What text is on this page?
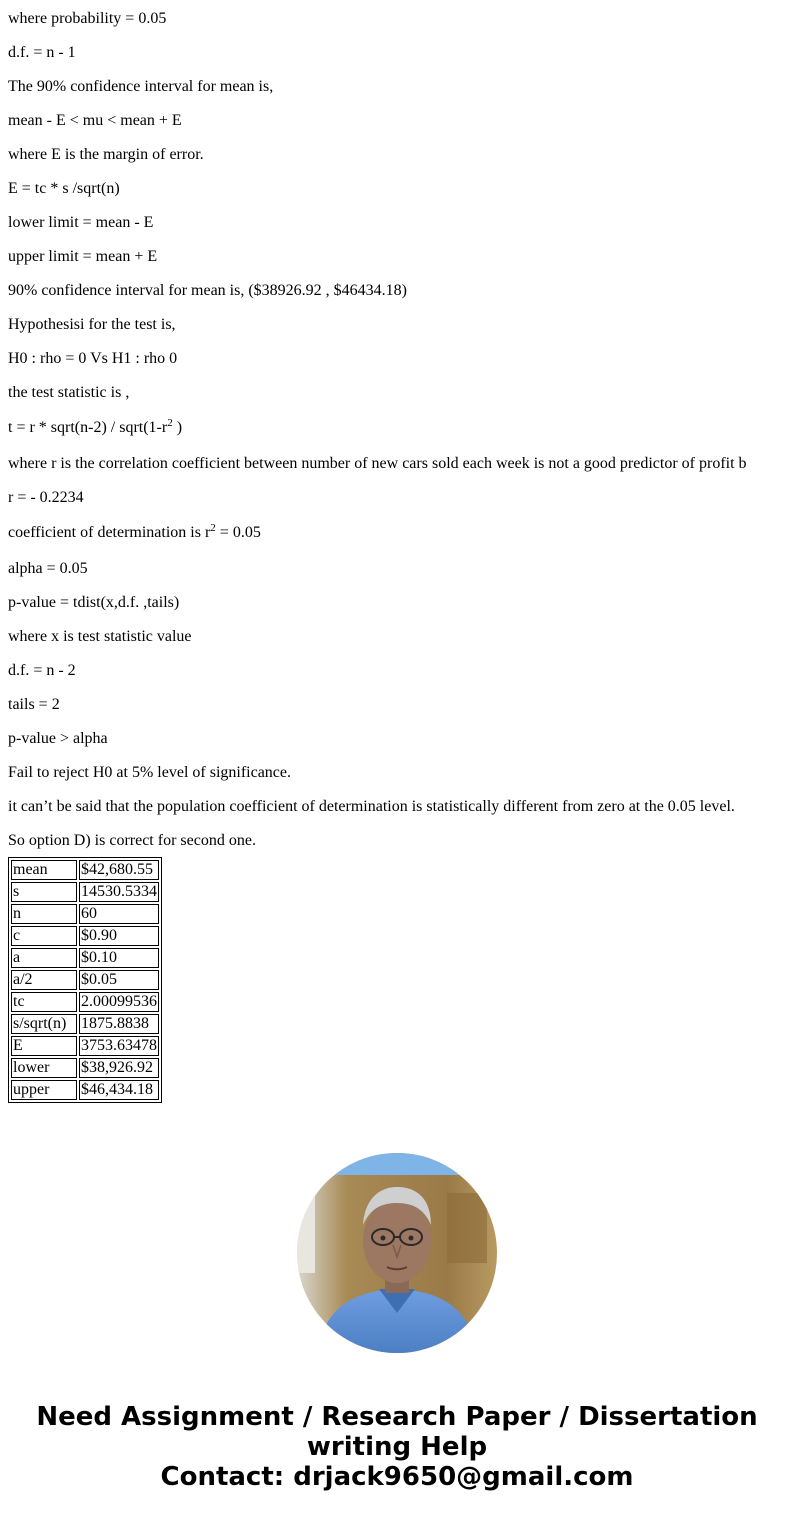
where probability = 0.05

d.f. = n - 1

The 90% confidence interval for mean is,

mean - E < mu < mean + E

where E is the margin of error.

E = tc * s /sqrt(n)

lower limit = mean - E

upper limit = mean + E

90% confidence interval for mean is, ($38926.92 , $46434.18)

Hypothesisi for the test is,

H0 : rho = 0 Vs H1 : rho 0

the test statistic is ,

t = r * sqrt(n-2) / $sqrt(1-r^2$ )

where r is the correlation coefficient between number of new cars sold each week is not a good predictor of profit b

r = - 0.2234

coefficient of determination is $r^2 = 0.05$

alpha = 0.05

p-value = tdist(x,d.f. ,tails)

where x is test statistic value

d.f. = n - 2

tails = 2

p-value > alpha

Fail to reject H0 at 5% level of significance.

it can’t be said that the population coefficient of determination is statistically different from zero at the 0.05 level.

So option D) is correct for second one.

mean	$42,680.55
s	14530.5334
n	60
c	$0.90
a	$0.10
a/2	$0.05
tc	2.00099536
s/sqrt(n)	1875.8838
E	3753.63478
lower	$38,926.92
upper	$46,434.18
Need Assignment / Research Paper / Dissertation
writing Help
Contact: drjack9650@gmail.com
